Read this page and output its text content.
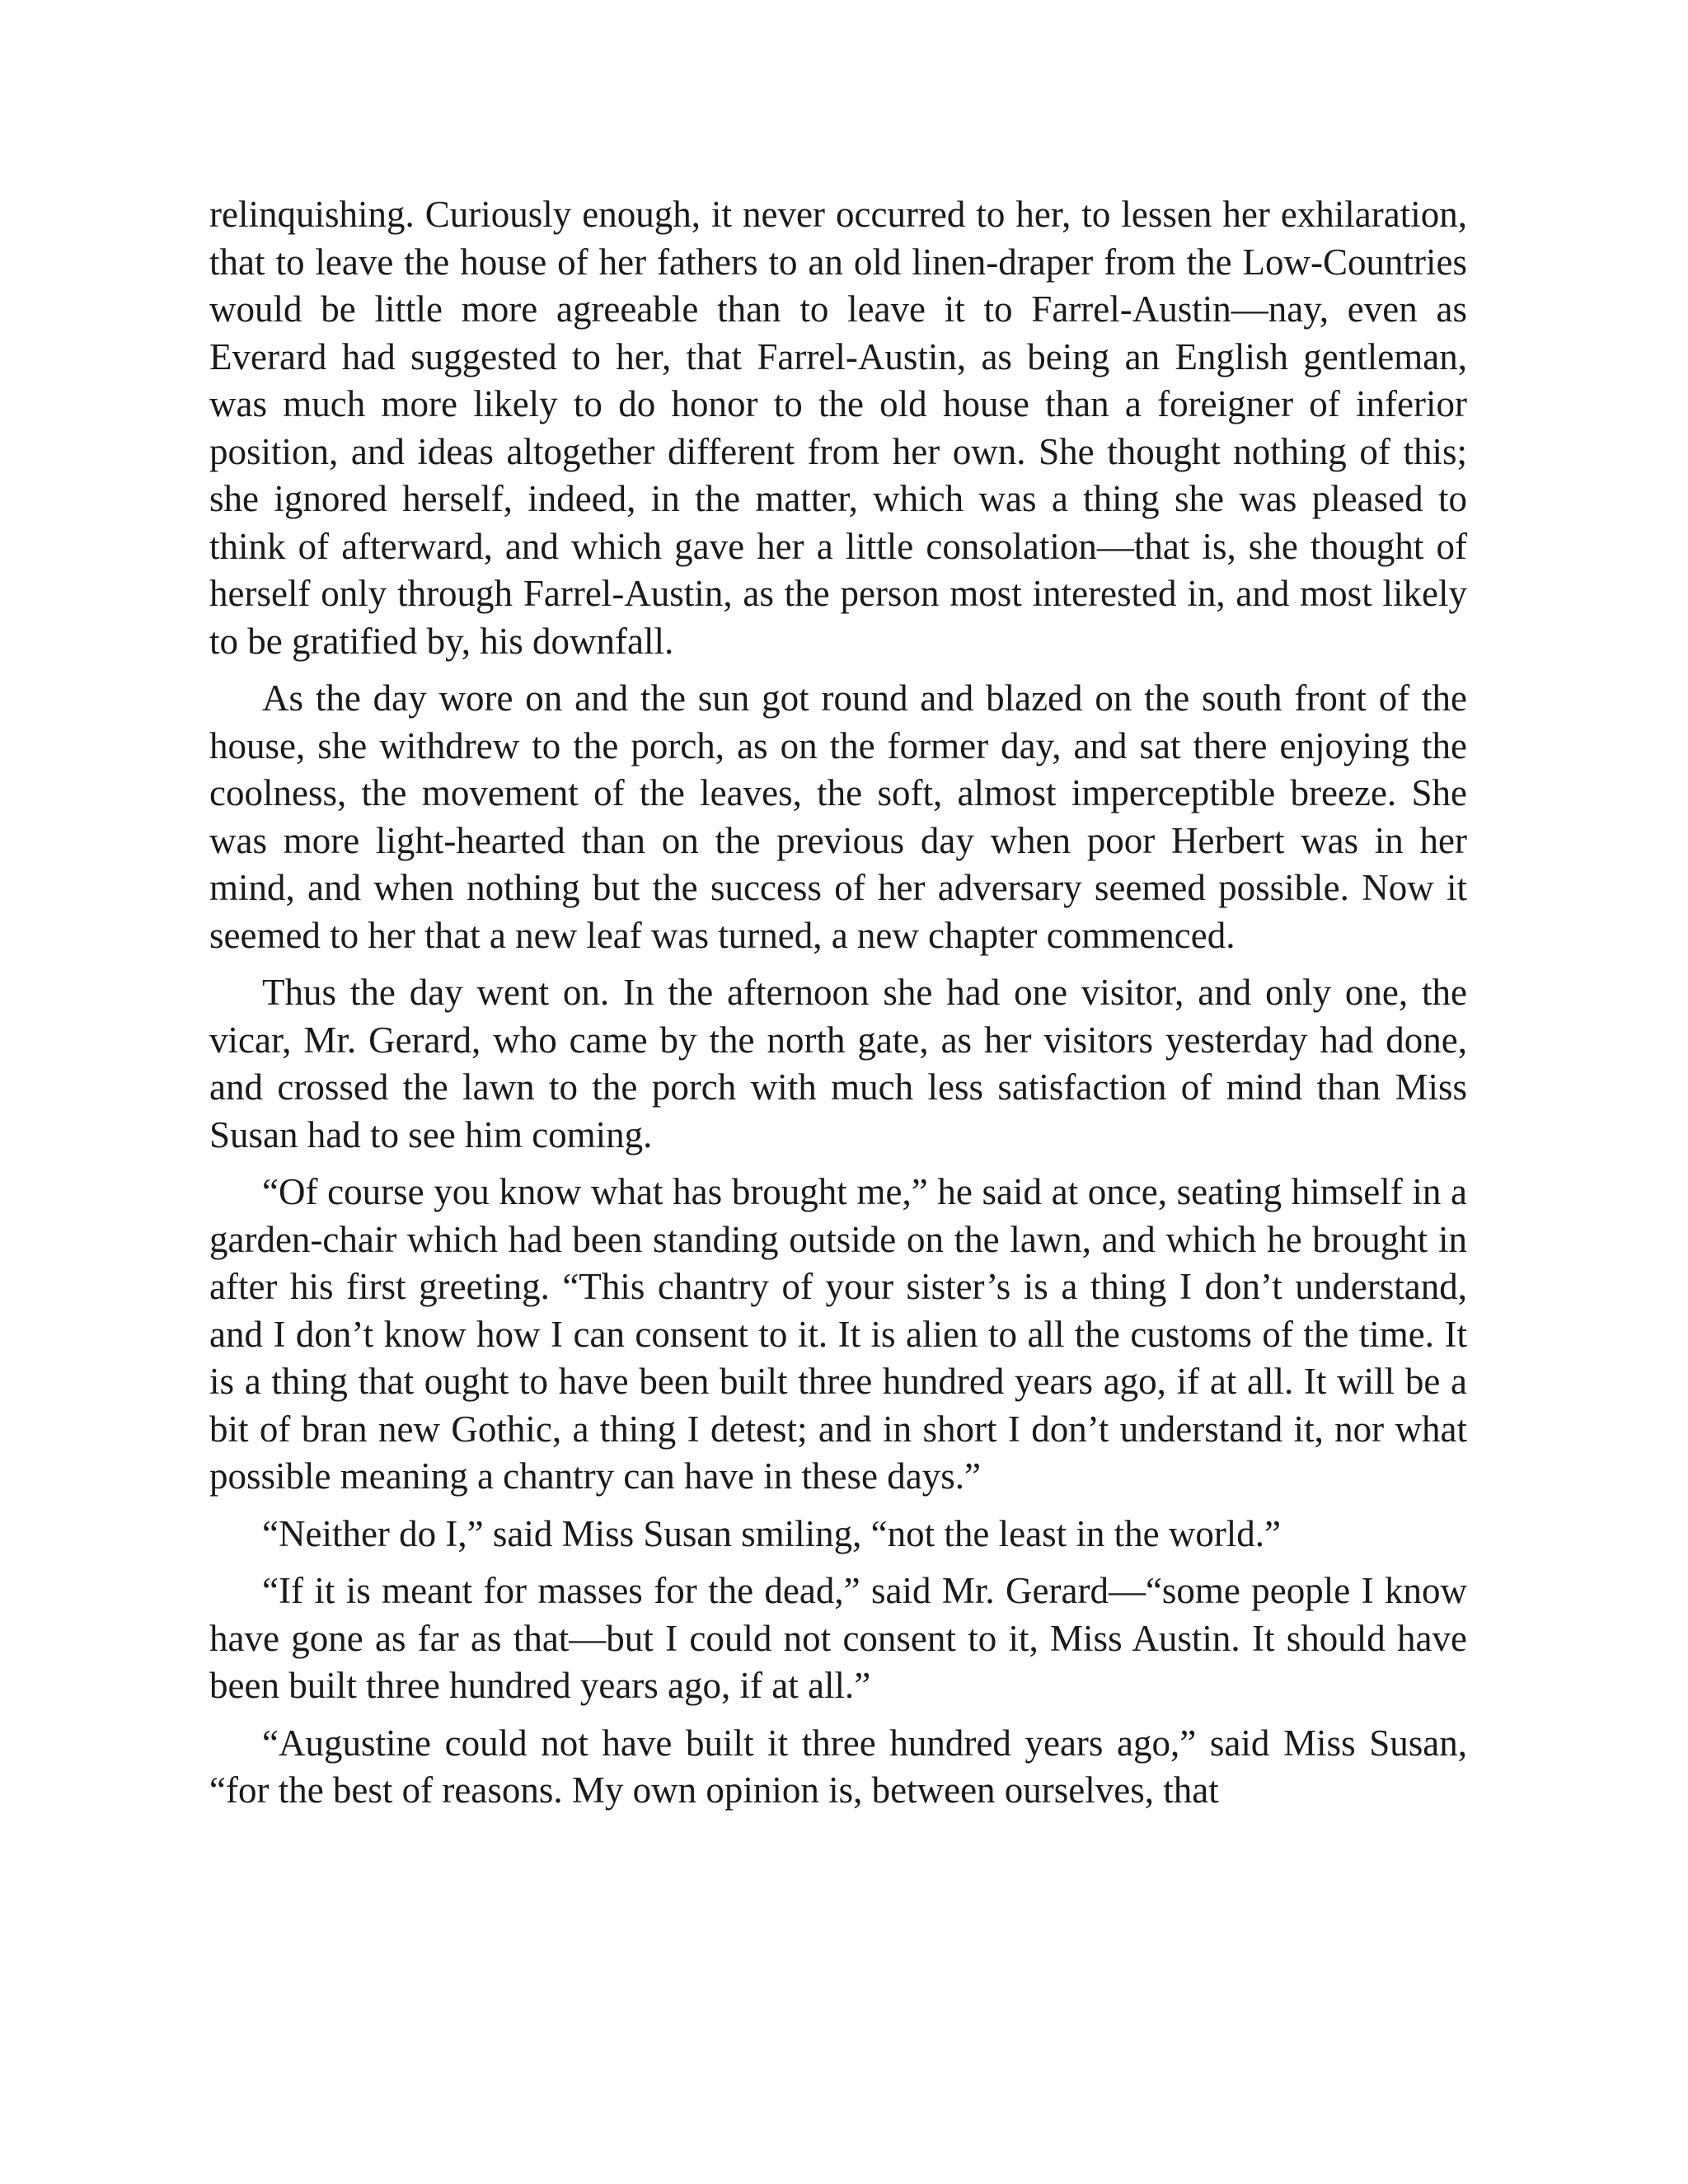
relinquishing. Curiously enough, it never occurred to her, to lessen her exhilaration, that to leave the house of her fathers to an old linen-draper from the Low-Countries would be little more agreeable than to leave it to Farrel-Austin—nay, even as Everard had suggested to her, that Farrel-Austin, as being an English gentleman, was much more likely to do honor to the old house than a foreigner of inferior position, and ideas altogether different from her own. She thought nothing of this; she ignored herself, indeed, in the matter, which was a thing she was pleased to think of afterward, and which gave her a little consolation—that is, she thought of herself only through Farrel-Austin, as the person most interested in, and most likely to be gratified by, his downfall.

As the day wore on and the sun got round and blazed on the south front of the house, she withdrew to the porch, as on the former day, and sat there enjoying the coolness, the movement of the leaves, the soft, almost imperceptible breeze. She was more light-hearted than on the previous day when poor Herbert was in her mind, and when nothing but the success of her adversary seemed possible. Now it seemed to her that a new leaf was turned, a new chapter commenced.

Thus the day went on. In the afternoon she had one visitor, and only one, the vicar, Mr. Gerard, who came by the north gate, as her visitors yesterday had done, and crossed the lawn to the porch with much less satisfaction of mind than Miss Susan had to see him coming.

“Of course you know what has brought me,” he said at once, seating himself in a garden-chair which had been standing outside on the lawn, and which he brought in after his first greeting. “This chantry of your sister’s is a thing I don’t understand, and I don’t know how I can consent to it. It is alien to all the customs of the time. It is a thing that ought to have been built three hundred years ago, if at all. It will be a bit of bran new Gothic, a thing I detest; and in short I don’t understand it, nor what possible meaning a chantry can have in these days.”

“Neither do I,” said Miss Susan smiling, “not the least in the world.”

“If it is meant for masses for the dead,” said Mr. Gerard—“some people I know have gone as far as that—but I could not consent to it, Miss Austin. It should have been built three hundred years ago, if at all.”

“Augustine could not have built it three hundred years ago,” said Miss Susan, “for the best of reasons. My own opinion is, between ourselves, that
